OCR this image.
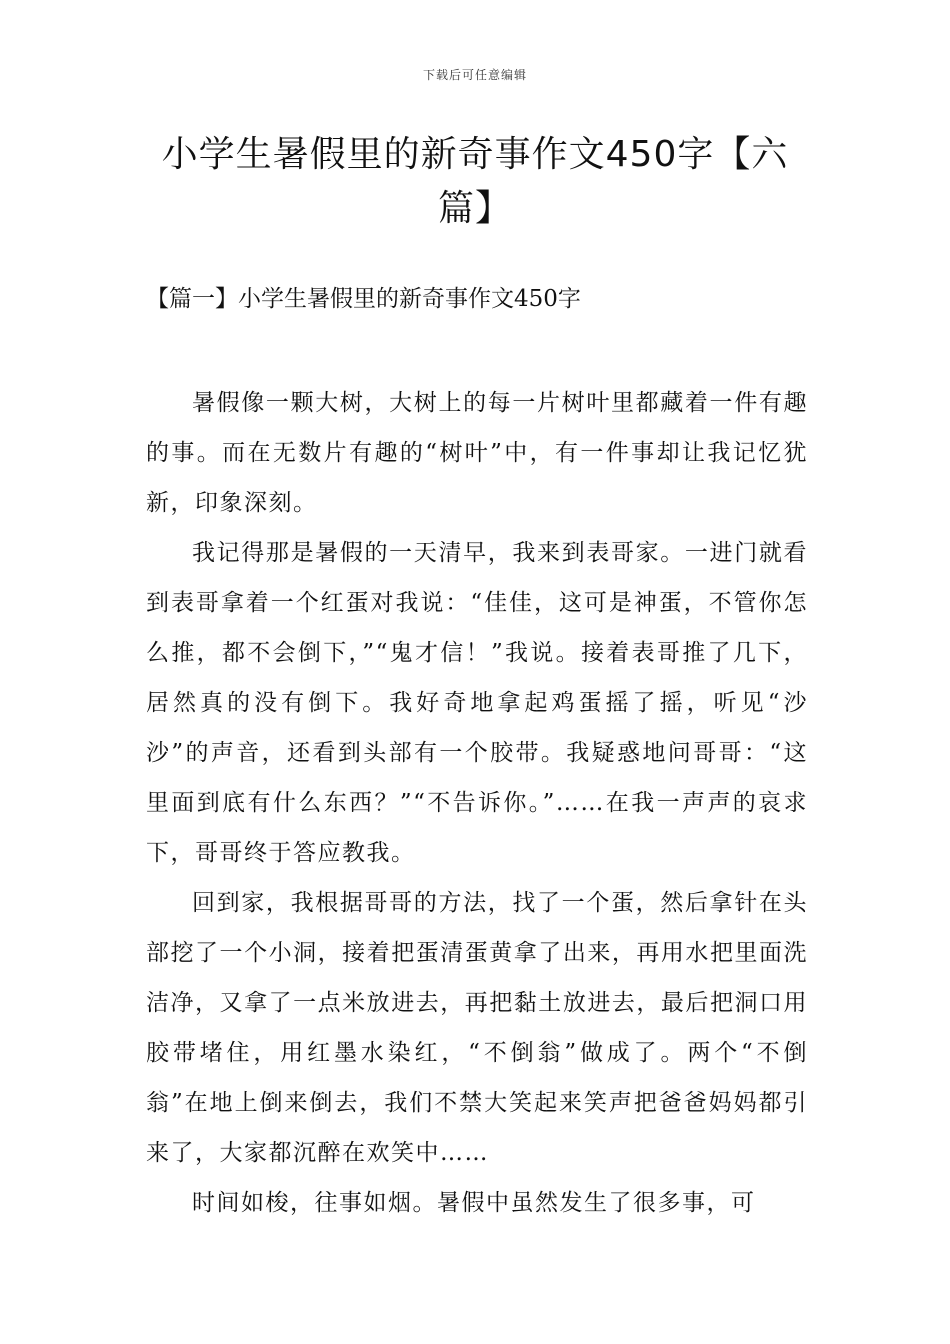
下载后可任意编辑
小学生暑假里的新奇事作文450字【六篇】
【篇一】小学生暑假里的新奇事作文450字

暑假像一颗大树，大树上的每一片树叶里都藏着一件有趣的事。而在无数片有趣的“树叶”中，有一件事却让我记忆犹新，印象深刻。

我记得那是暑假的一天清早，我来到表哥家。一进门就看到表哥拿着一个红蛋对我说：“佳佳，这可是神蛋，不管你怎么推，都不会倒下，”“鬼才信！”我说。接着表哥推了几下，居然真的没有倒下。我好奇地拿起鸡蛋摇了摇，听见“沙沙”的声音，还看到头部有一个胶带。我疑惑地问哥哥：“这里面到底有什么东西？”“不告诉你。”……在我一声声的哀求下，哥哥终于答应教我。

回到家，我根据哥哥的方法，找了一个蛋，然后拿针在头部挖了一个小洞，接着把蛋清蛋黄拿了出来，再用水把里面洗洁净，又拿了一点米放进去，再把黏土放进去，最后把洞口用胶带堵住，用红墨水染红，“不倒翁”做成了。两个“不倒翁”在地上倒来倒去，我们不禁大笑起来笑声把爸爸妈妈都引来了，大家都沉醉在欢笑中……

时间如梭，往事如烟。暑假中虽然发生了很多事，可
